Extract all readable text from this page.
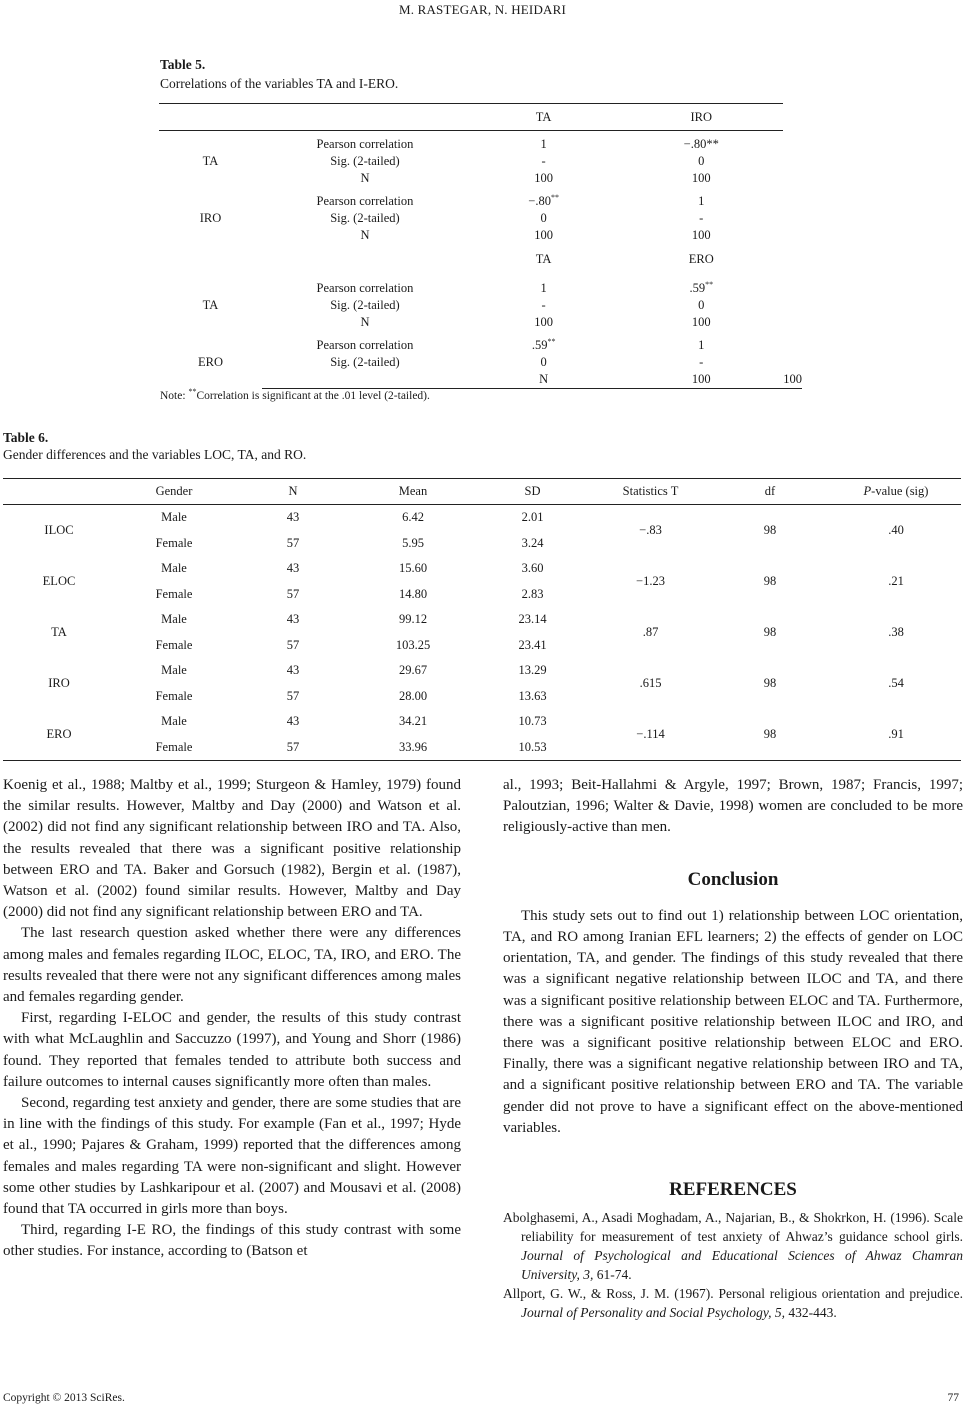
M. RASTEGAR, N. HEIDARI
Table 5.
Correlations of the variables TA and I-ERO.
		TA	IRO	

TA	Pearson correlation	1	−.80**	
	Sig. (2-tailed)	-	0	
	N	100	100	

IRO	Pearson correlation	−.80**	1	
	Sig. (2-tailed)	0	-	
	N	100	100	
		TA	ERO	

TA	Pearson correlation	1	.59**
	Sig. (2-tailed)	-	0	
	N	100	100	

ERO	Pearson correlation	.59**	1	
	Sig. (2-tailed)	0	-	
		N	100	100
Note: **Correlation is significant at the .01 level (2-tailed).
Table 6.
Gender differences and the variables LOC, TA, and RO.
	Gender	N	Mean	SD	Statistics T	df	P-value (sig)
ILOC	Male	43	6.42	2.01	−.83	98	.40
	Female	57	5.95	3.24			
ELOC	Male	43	15.60	3.60	−1.23	98	.21
	Female	57	14.80	2.83			
TA	Male	43	99.12	23.14	.87	98	.38
	Female	57	103.25	23.41			
IRO	Male	43	29.67	13.29	.615	98	.54
	Female	57	28.00	13.63			
ERO	Male	43	34.21	10.73	−.114	98	.91
	Female	57	33.96	10.53			

Koenig et al., 1988; Maltby et al., 1999; Sturgeon & Hamley, 1979) found the similar results. However, Maltby and Day (2000) and Watson et al. (2002) did not find any significant relationship between IRO and TA. Also, the results revealed that there was a significant positive relationship between ERO and TA. Baker and Gorsuch (1982), Bergin et al. (1987), Watson et al. (2002) found similar results. However, Maltby and Day (2000) did not find any significant relationship between ERO and TA.

The last research question asked whether there were any differences among males and females regarding ILOC, ELOC, TA, IRO, and ERO. The results revealed that there were not any significant differences among males and females regarding gender.

First, regarding I-ELOC and gender, the results of this study contrast with what McLaughlin and Saccuzzo (1997), and Young and Shorr (1986) found. They reported that females tended to attribute both success and failure outcomes to internal causes significantly more often than males.

Second, regarding test anxiety and gender, there are some studies that are in line with the findings of this study. For example (Fan et al., 1997; Hyde et al., 1990; Pajares & Graham, 1999) reported that the differences among females and males regarding TA were non-significant and slight. However some other studies by Lashkaripour et al. (2007) and Mousavi et al. (2008) found that TA occurred in girls more than boys.

Third, regarding I-E RO, the findings of this study contrast with some other studies. For instance, according to (Batson et

al., 1993; Beit-Hallahmi & Argyle, 1997; Brown, 1987; Francis, 1997; Paloutzian, 1996; Walter & Davie, 1998) women are concluded to be more religiously-active than men.

Conclusion

This study sets out to find out 1) relationship between LOC orientation, TA, and RO among Iranian EFL learners; 2) the effects of gender on LOC orientation, TA, and gender. The findings of this study revealed that there was a significant negative relationship between ILOC and TA, and there was a significant positive relationship between ELOC and TA. Furthermore, there was a significant positive relationship between ILOC and IRO, and there was a significant positive relationship between ELOC and ERO. Finally, there was a significant negative relationship between IRO and TA, and a significant positive relationship between ERO and TA. The variable gender did not prove to have a significant effect on the above-mentioned variables.

REFERENCES

Abolghasemi, A., Asadi Moghadam, A., Najarian, B., & Shokrkon, H. (1996). Scale reliability for measurement of test anxiety of Ahwaz’s guidance school girls. Journal of Psychological and Educational Sciences of Ahwaz Chamran University, 3, 61-74.

Allport, G. W., & Ross, J. M. (1967). Personal religious orientation and prejudice. Journal of Personality and Social Psychology, 5, 432-443.

Copyright © 2013 SciRes.	77
